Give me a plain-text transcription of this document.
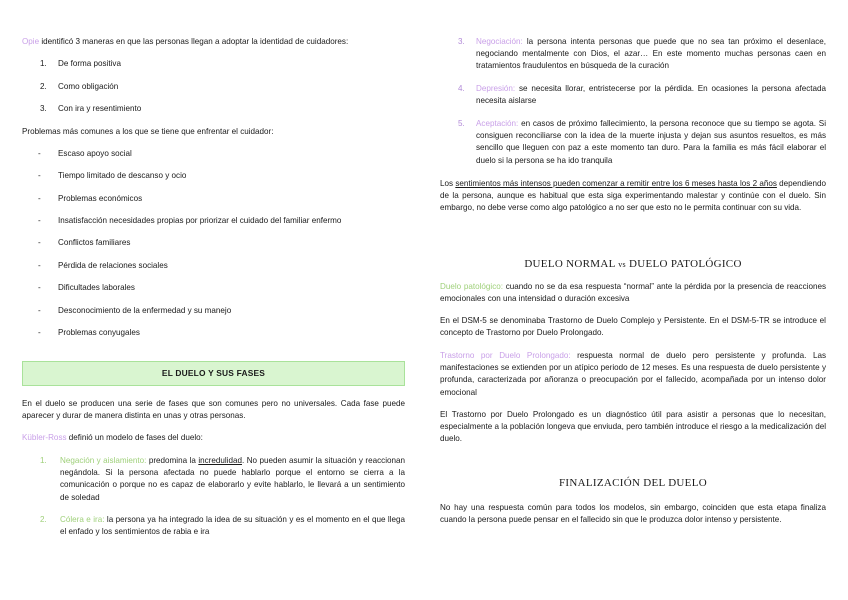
Opie identificó 3 maneras en que las personas llegan a adoptar la identidad de cuidadores:

1. De forma positiva
2. Como obligación
3. Con ira y resentimiento

Problemas más comunes a los que se tiene que enfrentar el cuidador:

- Escaso apoyo social
- Tiempo limitado de descanso y ocio
- Problemas económicos
- Insatisfacción necesidades propias por priorizar el cuidado del familiar enfermo
- Conflictos familiares
- Pérdida de relaciones sociales
- Dificultades laborales
- Desconocimiento de la enfermedad y su manejo
- Problemas conyugales
EL DUELO Y SUS FASES

En el duelo se producen una serie de fases que son comunes pero no universales. Cada fase puede aparecer y durar de manera distinta en unas y otras personas.

Kübler-Ross definió un modelo de fases del duelo:

1. Negación y aislamiento: predomina la incredulidad. No pueden asumir la situación y reaccionan negándola. Si la persona afectada no puede hablarlo porque el entorno se cierra a la comunicación o porque no es capaz de elaborarlo y evite hablarlo, le llevará a un sentimiento de soledad
2. Cólera e ira: la persona ya ha integrado la idea de su situación y es el momento en el que llega el enfado y los sentimientos de rabia e ira
3. Negociación: la persona intenta personas que puede que no sea tan próximo el desenlace, negociando mentalmente con Dios, el azar… En este momento muchas personas caen en tratamientos fraudulentos en búsqueda de la curación
4. Depresión: se necesita llorar, entristecerse por la pérdida. En ocasiones la persona afectada necesita aislarse
5. Aceptación: en casos de próximo fallecimiento, la persona reconoce que su tiempo se agota. Si consiguen reconciliarse con la idea de la muerte injusta y dejan sus asuntos resueltos, es más sencillo que lleguen con paz a este momento tan duro. Para la familia es más fácil elaborar el duelo si la persona se ha ido tranquila

Los sentimientos más intensos pueden comenzar a remitir entre los 6 meses hasta los 2 años dependiendo de la persona, aunque es habitual que esta siga experimentando malestar y continúe con el duelo. Sin embargo, no debe verse como algo patológico a no ser que esto no le permita continuar con su vida.

DUELO NORMAL vs DUELO PATOLÓGICO

Duelo patológico: cuando no se da esa respuesta “normal” ante la pérdida por la presencia de reacciones emocionales con una intensidad o duración excesiva

En el DSM-5 se denominaba Trastorno de Duelo Complejo y Persistente. En el DSM-5-TR se introduce el concepto de Trastorno por Duelo Prolongado.

Trastorno por Duelo Prolongado: respuesta normal de duelo pero persistente y profunda. Las manifestaciones se extienden por un atípico periodo de 12 meses. Es una respuesta de duelo persistente y profunda, caracterizada por añoranza o preocupación por el fallecido, acompañada por un intenso dolor emocional

El Trastorno por Duelo Prolongado es un diagnóstico útil para asistir a personas que lo necesitan, especialmente a la población longeva que enviuda, pero también introduce el riesgo a la medicalización del duelo.

FINALIZACIÓN DEL DUELO

No hay una respuesta común para todos los modelos, sin embargo, coinciden que esta etapa finaliza cuando la persona puede pensar en el fallecido sin que le produzca dolor intenso y persistente.
